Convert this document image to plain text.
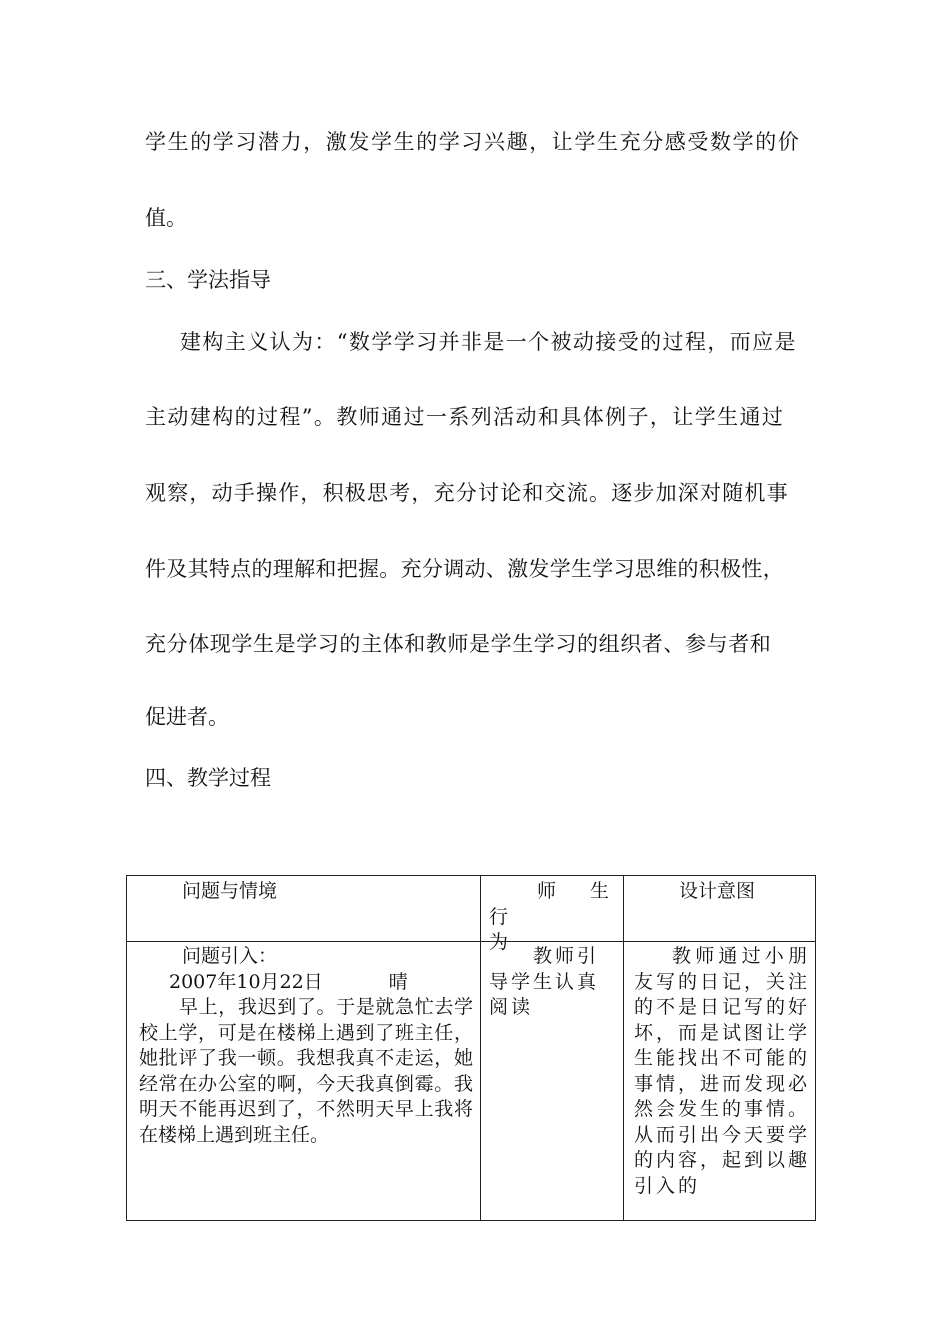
学生的学习潜力，激发学生的学习兴趣，让学生充分感受数学的价
值。
三、学法指导
建构主义认为：“数学学习并非是一个被动接受的过程，而应是
主动建构的过程”。教师通过一系列活动和具体例子，让学生通过
观察，动手操作，积极思考，充分讨论和交流。逐步加深对随机事
件及其特点的理解和把握。充分调动、激发学生学习思维的积极性，
充分体现学生是学习的主体和教师是学生学习的组织者、参与者和
促进者。
四、教学过程
问题与情境	师生行
为
设计意图
问题引入：
2007年10月22日	晴
早上，我迟到了。于是就急忙去学校上学，可是在楼梯上遇到了班主任，她批评了我一顿。我想我真不走运，她经常在办公室的啊，今天我真倒霉。我明天不能再迟到了，不然明天早上我将在楼梯上遇到班主任。
教师引导学生认真阅读
教师通过小朋友写的日记，关注的不是日记写的好坏，而是试图让学生能找出不可能的事情，进而发现必然会发生的事情。从而引出今天要学的内容，起到以趣引入的
